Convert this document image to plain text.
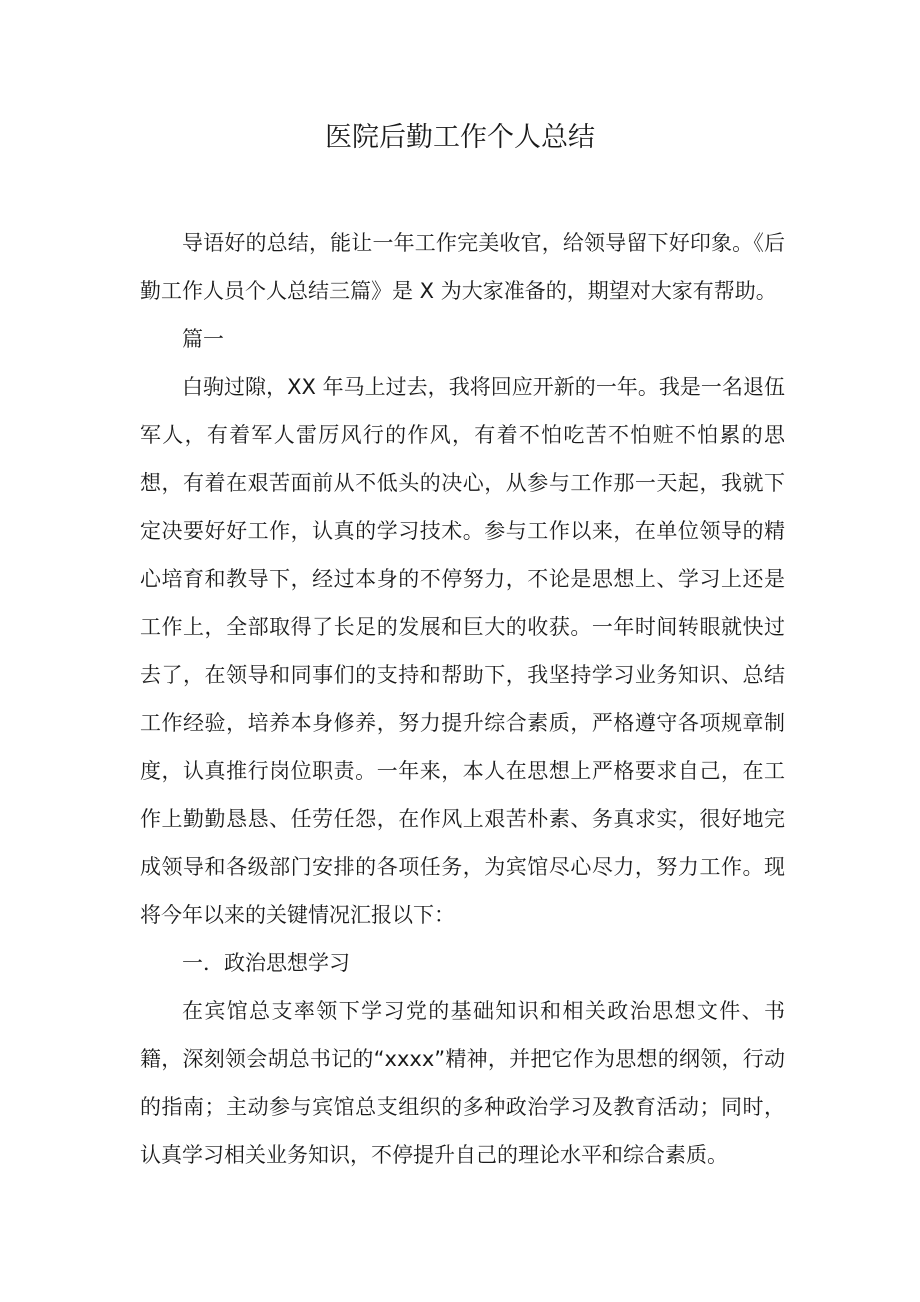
医院后勤工作个人总结

导语好的总结，能让一年工作完美收官，给领导留下好印象。《后勤工作人员个人总结三篇》是 X 为大家准备的，期望对大家有帮助。

篇一

白驹过隙，XX 年马上过去，我将回应开新的一年。我是一名退伍军人，有着军人雷厉风行的作风，有着不怕吃苦不怕赃不怕累的思想，有着在艰苦面前从不低头的决心，从参与工作那一天起，我就下定决要好好工作，认真的学习技术。参与工作以来，在单位领导的精心培育和教导下，经过本身的不停努力，不论是思想上、学习上还是工作上，全部取得了长足的发展和巨大的收获。一年时间转眼就快过去了，在领导和同事们的支持和帮助下，我坚持学习业务知识、总结工作经验，培养本身修养，努力提升综合素质，严格遵守各项规章制度，认真推行岗位职责。一年来，本人在思想上严格要求自己，在工作上勤勤恳恳、任劳任怨，在作风上艰苦朴素、务真求实，很好地完成领导和各级部门安排的各项任务，为宾馆尽心尽力，努力工作。现将今年以来的关键情况汇报以下：

一．政治思想学习

在宾馆总支率领下学习党的基础知识和相关政治思想文件、书籍，深刻领会胡总书记的“xxxx”精神，并把它作为思想的纲领，行动的指南；主动参与宾馆总支组织的多种政治学习及教育活动；同时，认真学习相关业务知识，不停提升自己的理论水平和综合素质。
